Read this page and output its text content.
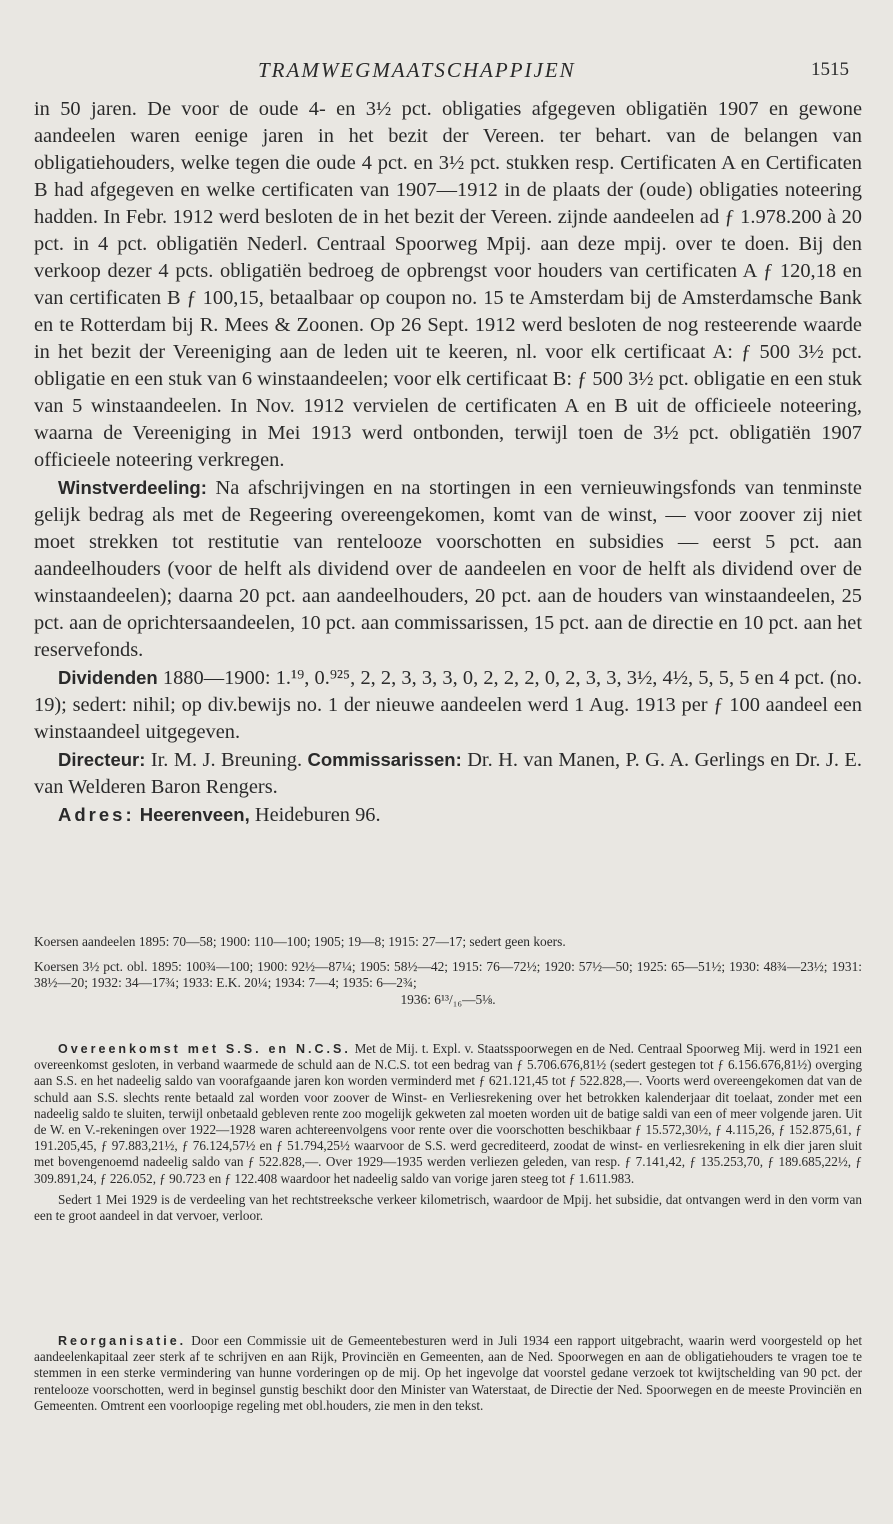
TRAMWEGMAATSCHAPPIJEN	1515

in 50 jaren. De voor de oude 4- en 3½ pct. obligaties afgegeven obligatiën 1907 en gewone aandeelen waren eenige jaren in het bezit der Vereen. ter behart. van de belangen van obligatiehouders, welke tegen die oude 4 pct. en 3½ pct. stukken resp. Certificaten A en Certificaten B had afgegeven en welke certificaten van 1907—1912 in de plaats der (oude) obligaties noteering hadden. In Febr. 1912 werd besloten de in het bezit der Vereen. zijnde aandeelen ad ƒ 1.978.200 à 20 pct. in 4 pct. obligatiën Nederl. Centraal Spoorweg Mpij. aan deze mpij. over te doen. Bij den verkoop dezer 4 pcts. obligatiën bedroeg de opbrengst voor houders van certificaten A ƒ 120,18 en van certificaten B ƒ 100,15, betaalbaar op coupon no. 15 te Amsterdam bij de Amsterdamsche Bank en te Rotterdam bij R. Mees & Zoonen. Op 26 Sept. 1912 werd besloten de nog resteerende waarde in het bezit der Vereeniging aan de leden uit te keeren, nl. voor elk certificaat A: ƒ 500 3½ pct. obligatie en een stuk van 6 winstaandeelen; voor elk certificaat B: ƒ 500 3½ pct. obligatie en een stuk van 5 winstaandeelen. In Nov. 1912 vervielen de certificaten A en B uit de officieele noteering, waarna de Vereeniging in Mei 1913 werd ontbonden, terwijl toen de 3½ pct. obligatiën 1907 officieele noteering verkregen.

Winstverdeeling: Na afschrijvingen en na stortingen in een vernieuwingsfonds van tenminste gelijk bedrag als met de Regeering overeengekomen, komt van de winst, — voor zoover zij niet moet strekken tot restitutie van rentelooze voorschotten en subsidies — eerst 5 pct. aan aandeelhouders (voor de helft als dividend over de aandeelen en voor de helft als dividend over de winstaandeelen); daarna 20 pct. aan aandeelhouders, 20 pct. aan de houders van winstaandeelen, 25 pct. aan de oprichtersaandeelen, 10 pct. aan commissarissen, 15 pct. aan de directie en 10 pct. aan het reservefonds.

Dividenden 1880—1900: 1.¹⁹, 0.⁹²⁵, 2, 2, 3, 3, 3, 0, 2, 2, 2, 0, 2, 3, 3, 3½, 4½, 5, 5, 5 en 4 pct. (no. 19); sedert: nihil; op div.bewijs no. 1 der nieuwe aandeelen werd 1 Aug. 1913 per ƒ 100 aandeel een winstaandeel uitgegeven.

Directeur: Ir. M. J. Breuning. Commissarissen: Dr. H. van Manen, P. G. A. Gerlings en Dr. J. E. van Welderen Baron Rengers.

Adres: Heerenveen, Heideburen 96.

Koersen aandeelen 1895: 70—58; 1900: 110—100; 1905; 19—8; 1915: 27—17; sedert geen koers.

Koersen 3½ pct. obl. 1895: 100¾—100; 1900: 92½—87¼; 1905: 58½—42; 1915: 76—72½; 1920: 57½—50; 1925: 65—51½; 1930: 48¾—23½; 1931: 38½—20; 1932: 34—17¾; 1933: E.K. 20¼; 1934: 7—4; 1935: 6—2¾;

1936: 6¹³/₁₆—5⅛.

Overeenkomst met S.S. en N.C.S. Met de Mij. t. Expl. v. Staatsspoorwegen en de Ned. Centraal Spoorweg Mij. werd in 1921 een overeenkomst gesloten, in verband waarmede de schuld aan de N.C.S. tot een bedrag van ƒ 5.706.676,81½ (sedert gestegen tot ƒ 6.156.676,81½) overging aan S.S. en het nadeelig saldo van voorafgaande jaren kon worden verminderd met ƒ 621.121,45 tot ƒ 522.828,—. Voorts werd overeengekomen dat van de schuld aan S.S. slechts rente betaald zal worden voor zoover de Winst- en Verliesrekening over het betrokken kalenderjaar dit toelaat, zonder met een nadeelig saldo te sluiten, terwijl onbetaald gebleven rente zoo mogelijk gekweten zal moeten worden uit de batige saldi van een of meer volgende jaren. Uit de W. en V.-rekeningen over 1922—1928 waren achtereenvolgens voor rente over die voorschotten beschikbaar ƒ 15.572,30½, ƒ 4.115,26, ƒ 152.875,61, ƒ 191.205,45, ƒ 97.883,21½, ƒ 76.124,57½ en ƒ 51.794,25½ waarvoor de S.S. werd gecrediteerd, zoodat de winst- en verliesrekening in elk dier jaren sluit met bovengenoemd nadeelig saldo van ƒ 522.828,—. Over 1929—1935 werden verliezen geleden, van resp. ƒ 7.141,42, ƒ 135.253,70, ƒ 189.685,22½, ƒ 309.891,24, ƒ 226.052, ƒ 90.723 en ƒ 122.408 waardoor het nadeelig saldo van vorige jaren steeg tot ƒ 1.611.983.

Sedert 1 Mei 1929 is de verdeeling van het rechtstreeksche verkeer kilometrisch, waardoor de Mpij. het subsidie, dat ontvangen werd in den vorm van een te groot aandeel in dat vervoer, verloor.

Reorganisatie. Door een Commissie uit de Gemeentebesturen werd in Juli 1934 een rapport uitgebracht, waarin werd voorgesteld op het aandeelenkapitaal zeer sterk af te schrijven en aan Rijk, Provinciën en Gemeenten, aan de Ned. Spoorwegen en aan de obligatiehouders te vragen toe te stemmen in een sterke vermindering van hunne vorderingen op de mij. Op het ingevolge dat voorstel gedane verzoek tot kwijtschelding van 90 pct. der rentelooze voorschotten, werd in beginsel gunstig beschikt door den Minister van Waterstaat, de Directie der Ned. Spoorwegen en de meeste Provinciën en Gemeenten. Omtrent een voorloopige regeling met obl.houders, zie men in den tekst.
